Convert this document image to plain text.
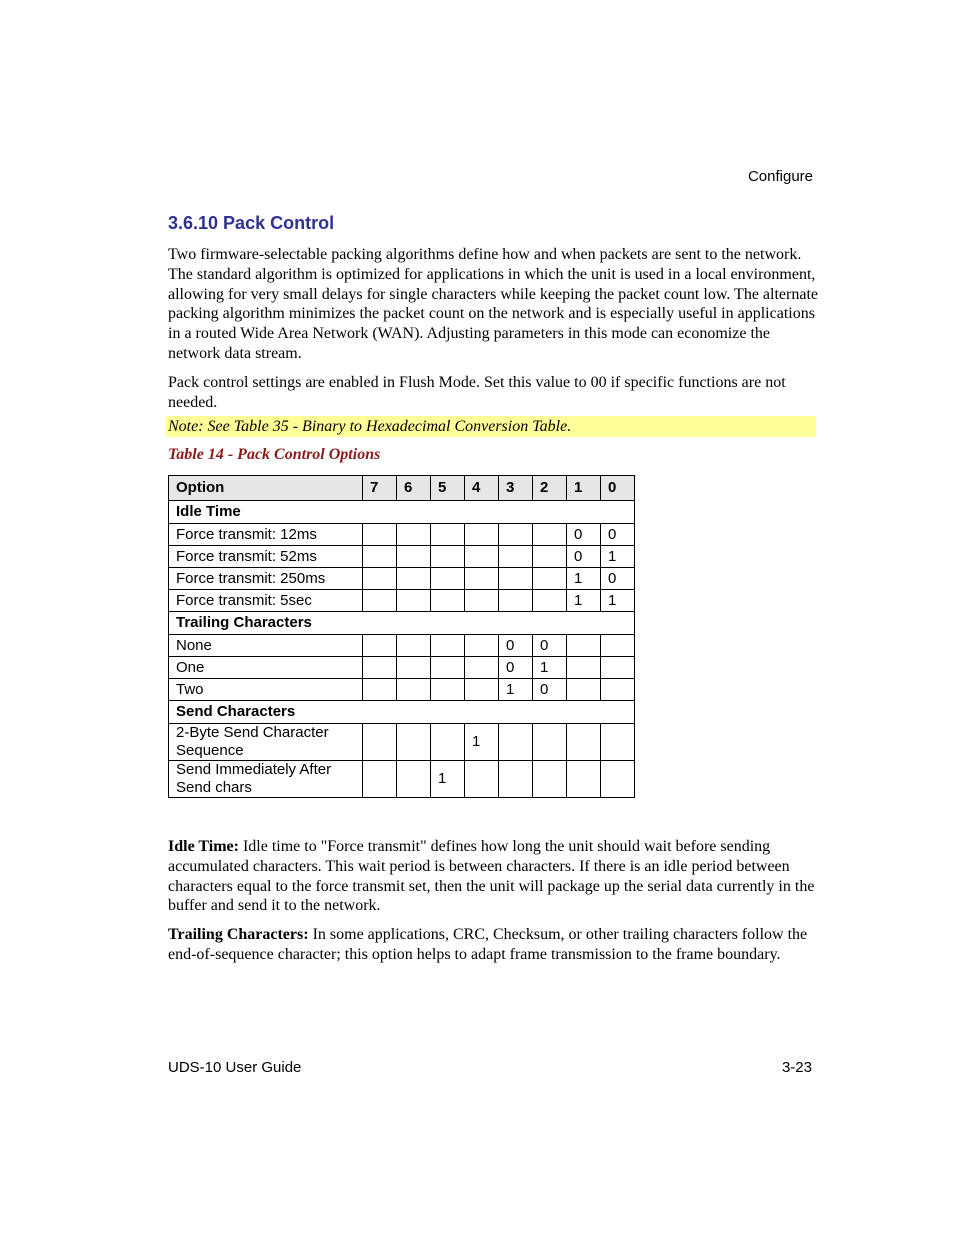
Configure
3.6.10 Pack Control
Two firmware-selectable packing algorithms define how and when packets are sent to the network. The standard algorithm is optimized for applications in which the unit is used in a local environment, allowing for very small delays for single characters while keeping the packet count low. The alternate packing algorithm minimizes the packet count on the network and is especially useful in applications in a routed Wide Area Network (WAN). Adjusting parameters in this mode can economize the network data stream.
Pack control settings are enabled in Flush Mode. Set this value to 00 if specific functions are not needed.
Note: See Table 35 - Binary to Hexadecimal Conversion Table.
Table 14 - Pack Control Options
Option	7	6	5	4	3	2	1	0
Idle Time								
Force transmit: 12ms							0	0
Force transmit: 52ms							0	1
Force transmit: 250ms							1	0
Force transmit: 5sec							1	1
Trailing Characters								
None					0	0		
One					0	1		
Two					1	0		
Send Characters								
2-Byte Send Character Sequence				1				
Send Immediately After Send chars			1					
Idle Time: Idle time to "Force transmit" defines how long the unit should wait before sending accumulated characters. This wait period is between characters. If there is an idle period between characters equal to the force transmit set, then the unit will package up the serial data currently in the buffer and send it to the network.
Trailing Characters: In some applications, CRC, Checksum, or other trailing characters follow the end-of-sequence character; this option helps to adapt frame transmission to the frame boundary.
UDS-10 User Guide	3-23
